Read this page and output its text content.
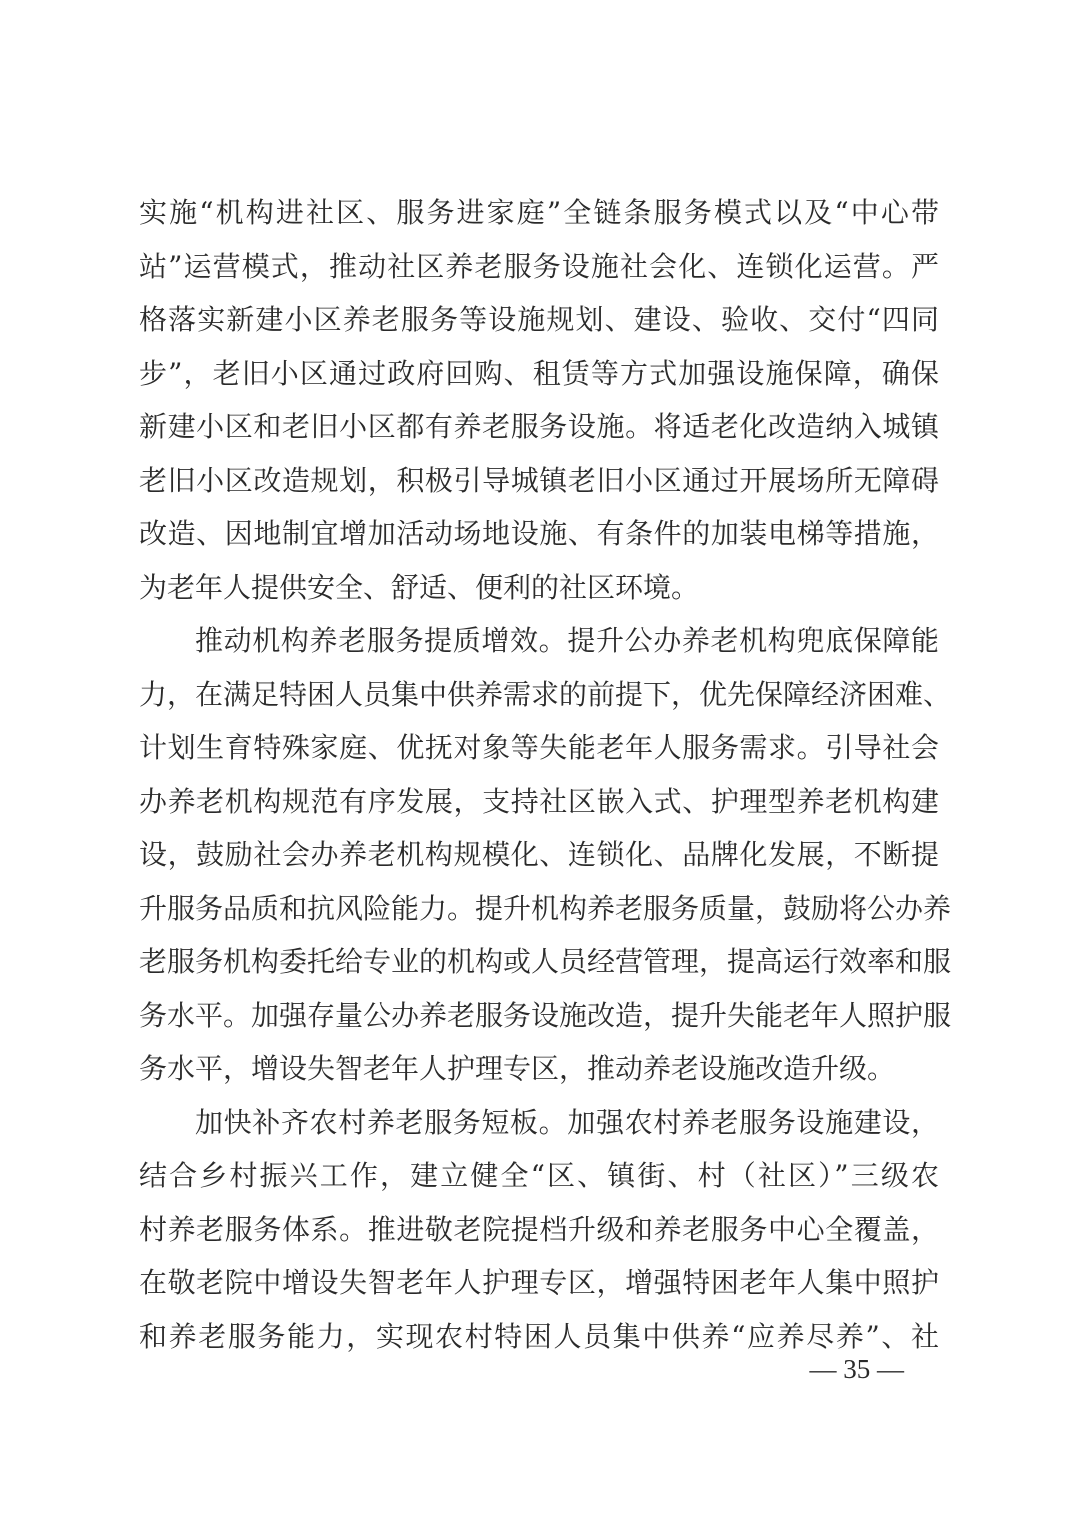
实施“机构进社区、服务进家庭”全链条服务模式以及“中心带
站”运营模式，推动社区养老服务设施社会化、连锁化运营。严
格落实新建小区养老服务等设施规划、建设、验收、交付“四同
步”，老旧小区通过政府回购、租赁等方式加强设施保障，确保
新建小区和老旧小区都有养老服务设施。将适老化改造纳入城镇
老旧小区改造规划，积极引导城镇老旧小区通过开展场所无障碍
改造、因地制宜增加活动场地设施、有条件的加装电梯等措施，
为老年人提供安全、舒适、便利的社区环境。
推动机构养老服务提质增效。提升公办养老机构兜底保障能
力，在满足特困人员集中供养需求的前提下，优先保障经济困难、
计划生育特殊家庭、优抚对象等失能老年人服务需求。引导社会
办养老机构规范有序发展，支持社区嵌入式、护理型养老机构建
设，鼓励社会办养老机构规模化、连锁化、品牌化发展，不断提
升服务品质和抗风险能力。提升机构养老服务质量，鼓励将公办养
老服务机构委托给专业的机构或人员经营管理，提高运行效率和服
务水平。加强存量公办养老服务设施改造，提升失能老年人照护服
务水平，增设失智老年人护理专区，推动养老设施改造升级。
加快补齐农村养老服务短板。加强农村养老服务设施建设，
结合乡村振兴工作，建立健全“区、镇街、村（社区）”三级农
村养老服务体系。推进敬老院提档升级和养老服务中心全覆盖，
在敬老院中增设失智老年人护理专区，增强特困老年人集中照护
和养老服务能力，实现农村特困人员集中供养“应养尽养”、社
— 35 —
